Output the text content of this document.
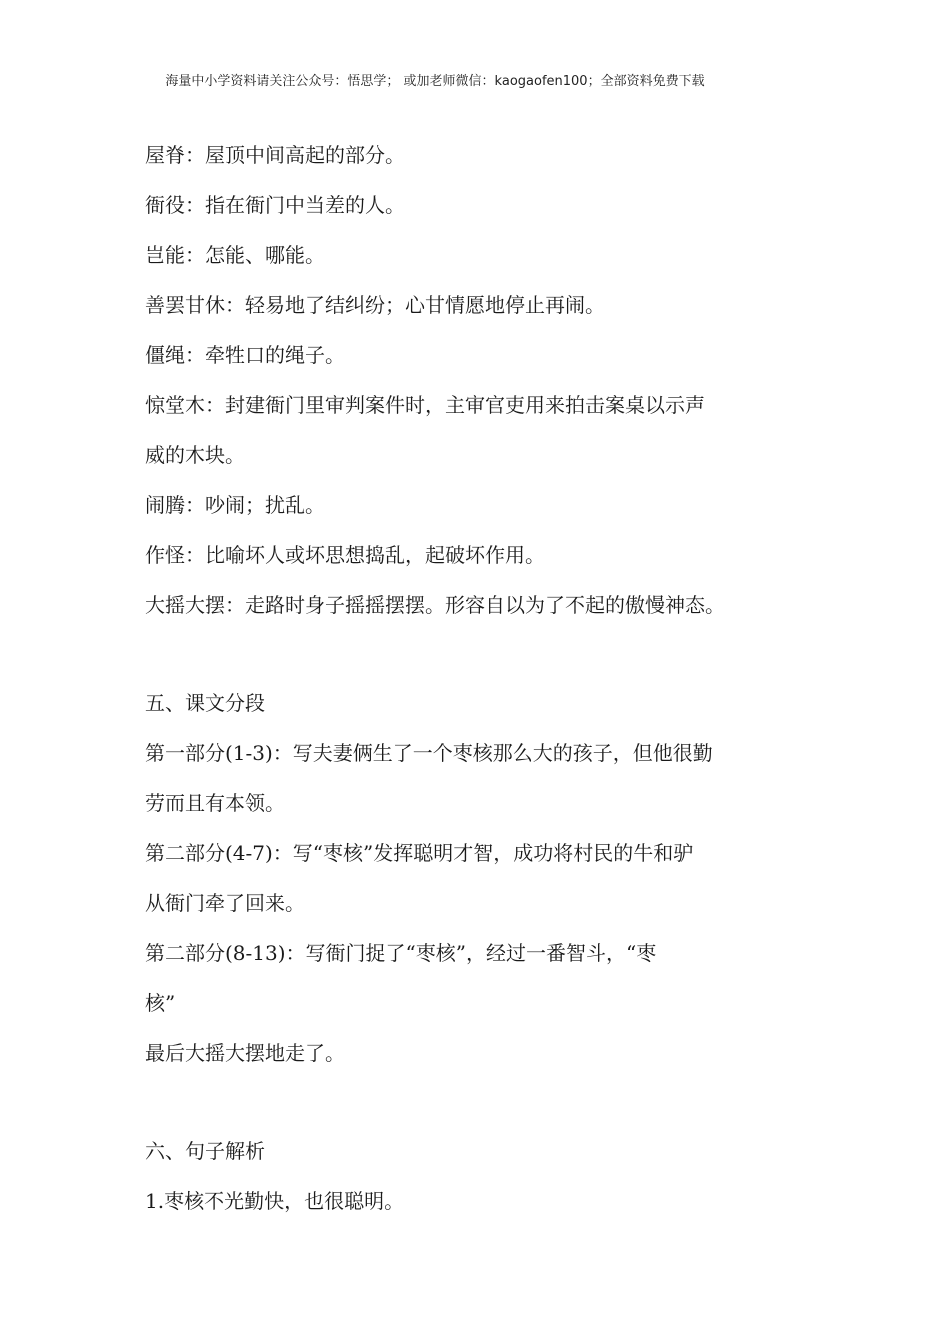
海量中小学资料请关注公众号：悟思学； 或加老师微信：kaogaofen100；全部资料免费下载
屋脊：屋顶中间高起的部分。
衙役：指在衙门中当差的人。
岂能：怎能、哪能。
善罢甘休：轻易地了结纠纷；心甘情愿地停止再闹。
僵绳：牵牲口的绳子。
惊堂木：封建衙门里审判案件时，主审官吏用来拍击案桌以示声
威的木块。
闹腾：吵闹；扰乱。
作怪：比喻坏人或坏思想捣乱，起破坏作用。
大摇大摆：走路时身子摇摇摆摆。形容自以为了不起的傲慢神态。
五、课文分段
第一部分(1-3)：写夫妻俩生了一个枣核那么大的孩子，但他很勤
劳而且有本领。
第二部分(4-7)：写“枣核”发挥聪明才智，成功将村民的牛和驴
从衙门牵了回来。
第二部分(8-13)：写衙门捉了“枣核”，经过一番智斗，“枣
核”
最后大摇大摆地走了。
六、句子解析
1.枣核不光勤快，也很聪明。
